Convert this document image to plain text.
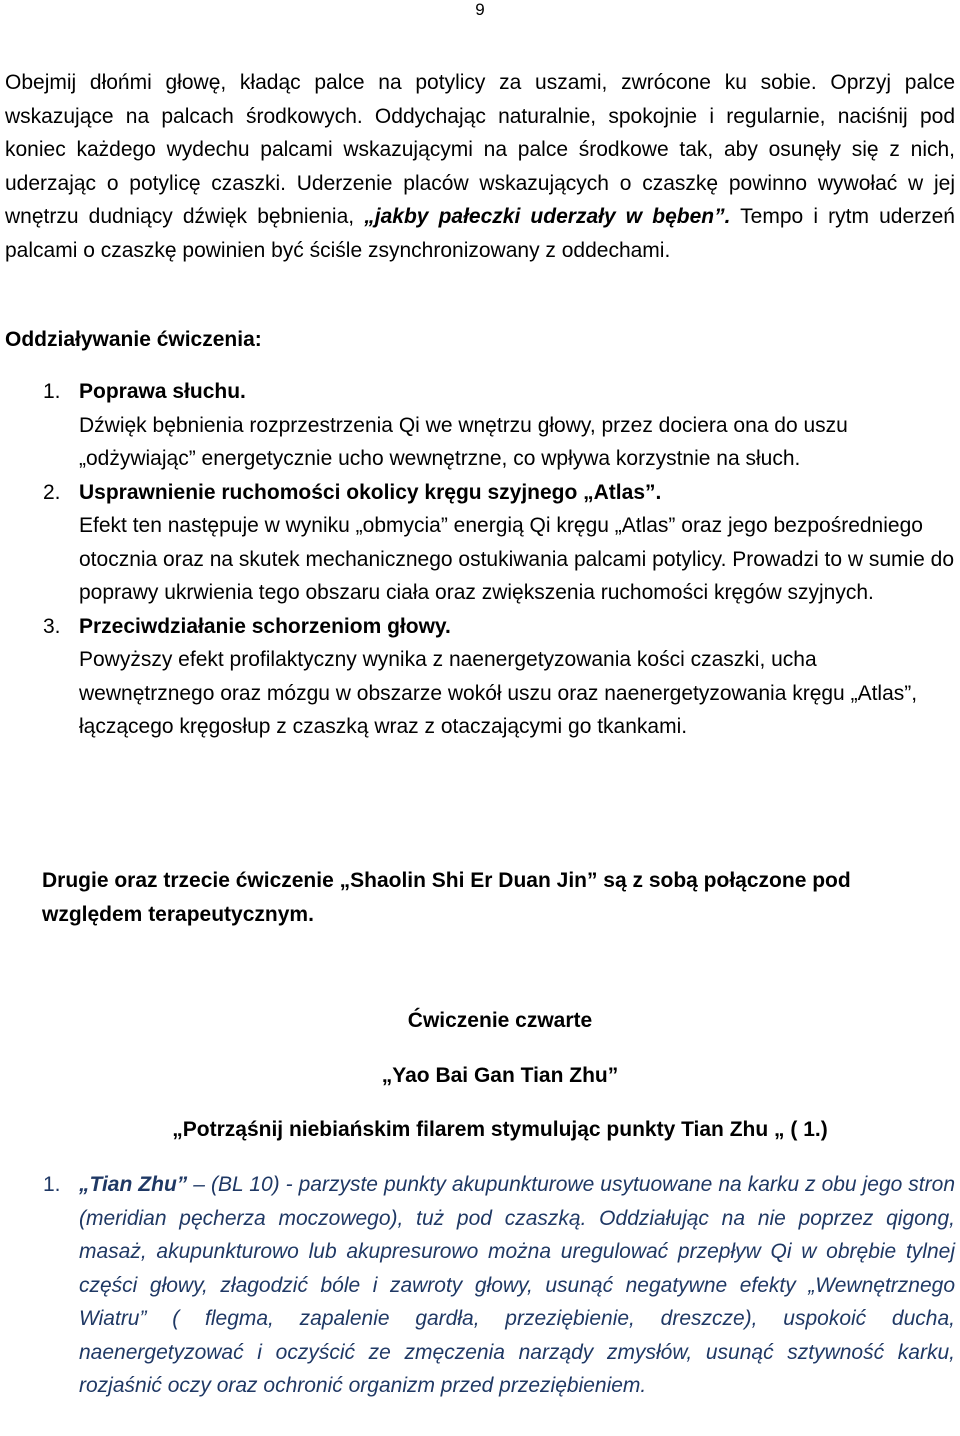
9
Obejmij dłońmi głowę, kładąc palce na potylicy za uszami, zwrócone ku sobie. Oprzyj palce wskazujące na palcach środkowych. Oddychając naturalnie, spokojnie i regularnie, naciśnij pod koniec każdego wydechu palcami wskazującymi na palce środkowe tak, aby osunęły się z nich, uderzając o potylicę czaszki. Uderzenie placów wskazujących o czaszkę powinno wywołać w jej wnętrzu dudniący dźwięk bębnienia, „jakby pałeczki uderzały w bęben”. Tempo i rytm uderzeń palcami o czaszkę powinien być ściśle zsynchronizowany z oddechami.
Oddziaływanie ćwiczenia:
1. Poprawa słuchu.
Dźwięk bębnienia rozprzestrzenia Qi we wnętrzu głowy, przez dociera ona do uszu „odżywiając” energetycznie ucho wewnętrzne, co wpływa korzystnie na słuch.
2. Usprawnienie ruchomości okolicy kręgu szyjnego „Atlas”.
Efekt ten następuje w wyniku „obmycia” energią Qi kręgu „Atlas” oraz jego bezpośredniego otocznia oraz na skutek mechanicznego ostukiwania palcami potylicy. Prowadzi to w sumie do poprawy ukrwienia tego obszaru ciała oraz zwiększenia ruchomości kręgów szyjnych.
3. Przeciwdziałanie schorzeniom głowy.
Powyższy efekt profilaktyczny wynika z naenergetyzowania kości czaszki, ucha wewnętrznego oraz mózgu w obszarze wokół uszu oraz naenergetyzowania kręgu „Atlas”, łączącego kręgosłup z czaszką wraz z otaczającymi go tkankami.
Drugie oraz trzecie ćwiczenie „Shaolin Shi Er Duan Jin” są z sobą połączone pod względem terapeutycznym.
Ćwiczenie czwarte
„Yao Bai Gan Tian Zhu”
„Potrząśnij niebiańskim filarem stymulując punkty Tian Zhu „ ( 1.)
1. „Tian Zhu” – (BL 10) - parzyste punkty akupunkturowe usytuowane na karku z obu jego stron (meridian pęcherza moczowego), tuż pod czaszką. Oddziałując na nie poprzez qigong, masaż, akupunkturowo lub akupresurowo można uregulować przepływ Qi w obrębie tylnej części głowy, złagodzić bóle i zawroty głowy, usunąć negatywne efekty „Wewnętrznego Wiatru” ( flegma, zapalenie gardła, przeziębienie, dreszcze), uspokoić ducha, naenergetyzować i oczyścić ze zmęczenia narządy zmysłów, usunąć sztywność karku, rozjaśnić oczy oraz ochronić organizm przed przeziębieniem.
